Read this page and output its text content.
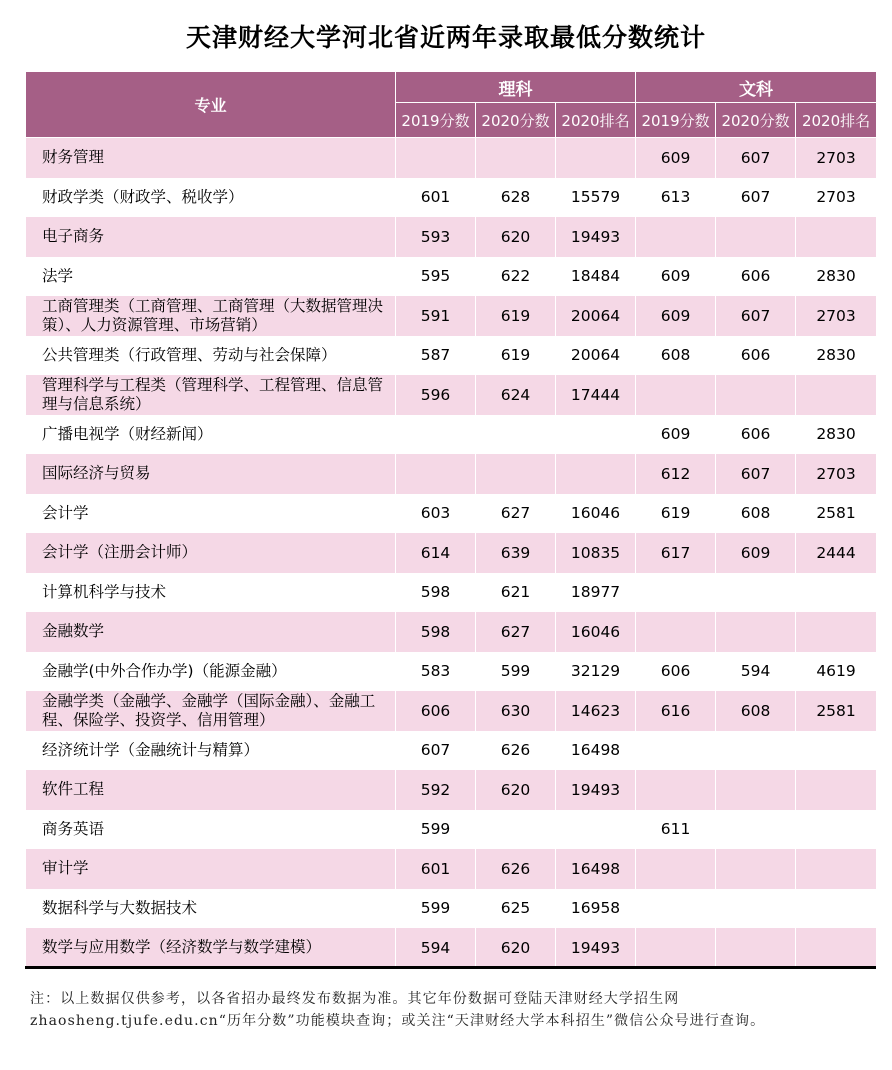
天津财经大学河北省近两年录取最低分数统计
专业	理科			文科		
	2019分数	2020分数	2020排名	2019分数	2020分数	2020排名
财务管理				609	607	2703
财政学类（财政学、税收学）	601	628	15579	613	607	2703
电子商务	593	620	19493			
法学	595	622	18484	609	606	2830
工商管理类（工商管理、工商管理（大数据管理决策）、人力资源管理、市场营销）	591	619	20064	609	607	2703
公共管理类（行政管理、劳动与社会保障）	587	619	20064	608	606	2830
管理科学与工程类（管理科学、工程管理、信息管理与信息系统）	596	624	17444			
广播电视学（财经新闻）				609	606	2830
国际经济与贸易				612	607	2703
会计学	603	627	16046	619	608	2581
会计学（注册会计师）	614	639	10835	617	609	2444
计算机科学与技术	598	621	18977			
金融数学	598	627	16046			
金融学(中外合作办学)（能源金融）	583	599	32129	606	594	4619
金融学类（金融学、金融学（国际金融）、金融工程、保险学、投资学、信用管理）	606	630	14623	616	608	2581
经济统计学（金融统计与精算）	607	626	16498			
软件工程	592	620	19493			
商务英语	599			611		
审计学	601	626	16498			
数据科学与大数据技术	599	625	16958			
数学与应用数学（经济数学与数学建模）	594	620	19493			
注：以上数据仅供参考，以各省招办最终发布数据为准。其它年份数据可登陆天津财经大学招生网
zhaosheng.tjufe.edu.cn“历年分数”功能模块查询；或关注“天津财经大学本科招生”微信公众号进行查询。
